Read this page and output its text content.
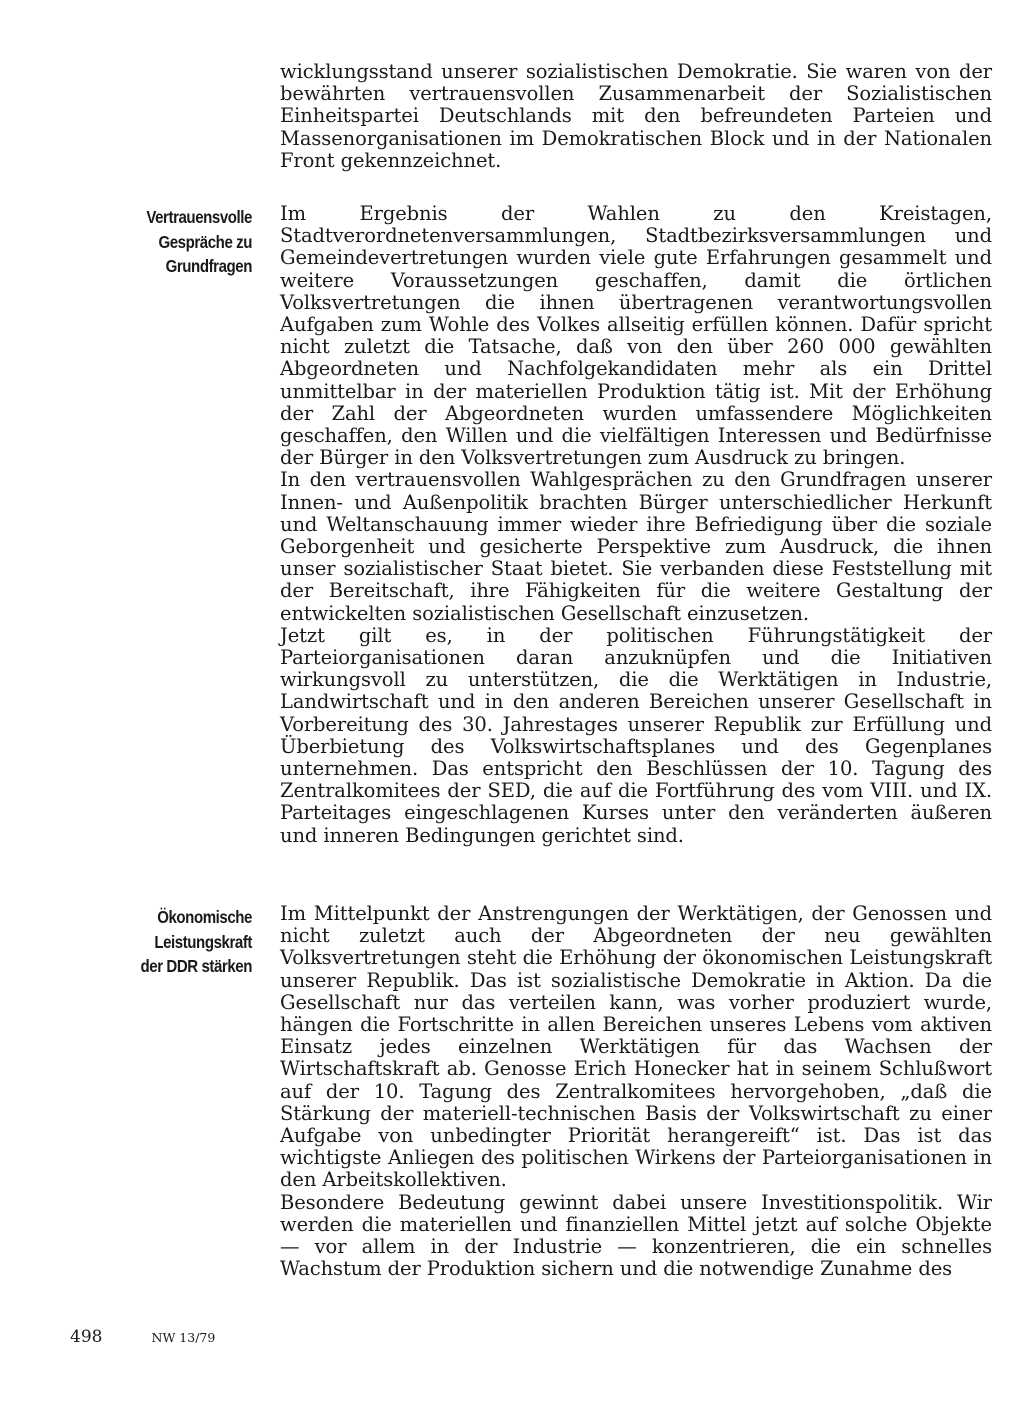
wicklungsstand unserer sozialistischen Demokratie. Sie waren von der bewährten vertrauensvollen Zusammenarbeit der Sozialistischen Einheitspartei Deutschlands mit den befreundeten Parteien und Massenorganisationen im Demokratischen Block und in der Nationalen Front gekennzeichnet.

Vertrauensvolle
Gespräche zu
Grundfragen

Im Ergebnis der Wahlen zu den Kreistagen, Stadtverordnetenversammlungen, Stadtbezirksversammlungen und Gemeindevertretungen wurden viele gute Erfahrungen gesammelt und weitere Voraussetzungen geschaffen, damit die örtlichen Volksvertretungen die ihnen übertragenen verantwortungsvollen Aufgaben zum Wohle des Volkes allseitig erfüllen können. Dafür spricht nicht zuletzt die Tatsache, daß von den über 260 000 gewählten Abgeordneten und Nachfolgekandidaten mehr als ein Drittel unmittelbar in der materiellen Produktion tätig ist. Mit der Erhöhung der Zahl der Abgeordneten wurden umfassendere Möglichkeiten geschaffen, den Willen und die vielfältigen Interessen und Bedürfnisse der Bürger in den Volksvertretungen zum Ausdruck zu bringen.

In den vertrauensvollen Wahlgesprächen zu den Grundfragen unserer Innen- und Außenpolitik brachten Bürger unterschiedlicher Herkunft und Weltanschauung immer wieder ihre Befriedigung über die soziale Geborgenheit und gesicherte Perspektive zum Ausdruck, die ihnen unser sozialistischer Staat bietet. Sie verbanden diese Feststellung mit der Bereitschaft, ihre Fähigkeiten für die weitere Gestaltung der entwickelten sozialistischen Gesellschaft einzusetzen.

Jetzt gilt es, in der politischen Führungstätigkeit der Parteiorganisationen daran anzuknüpfen und die Initiativen wirkungsvoll zu unterstützen, die die Werktätigen in Industrie, Landwirtschaft und in den anderen Bereichen unserer Gesellschaft in Vorbereitung des 30. Jahrestages unserer Republik zur Erfüllung und Überbietung des Volkswirtschaftsplanes und des Gegenplanes unternehmen. Das entspricht den Beschlüssen der 10. Tagung des Zentralkomitees der SED, die auf die Fortführung des vom VIII. und IX. Parteitages eingeschlagenen Kurses unter den veränderten äußeren und inneren Bedingungen gerichtet sind.

Ökonomische
Leistungskraft
der DDR stärken

Im Mittelpunkt der Anstrengungen der Werktätigen, der Genossen und nicht zuletzt auch der Abgeordneten der neu gewählten Volksvertretungen steht die Erhöhung der ökonomischen Leistungskraft unserer Republik. Das ist sozialistische Demokratie in Aktion. Da die Gesellschaft nur das verteilen kann, was vorher produziert wurde, hängen die Fortschritte in allen Bereichen unseres Lebens vom aktiven Einsatz jedes einzelnen Werktätigen für das Wachsen der Wirtschaftskraft ab. Genosse Erich Honecker hat in seinem Schlußwort auf der 10. Tagung des Zentralkomitees hervorgehoben, „daß die Stärkung der materiell-technischen Basis der Volkswirtschaft zu einer Aufgabe von unbedingter Priorität herangereift“ ist. Das ist das wichtigste Anliegen des politischen Wirkens der Parteiorganisationen in den Arbeitskollektiven.

Besondere Bedeutung gewinnt dabei unsere Investitionspolitik. Wir werden die materiellen und finanziellen Mittel jetzt auf solche Objekte — vor allem in der Industrie — konzentrieren, die ein schnelles Wachstum der Produktion sichern und die notwendige Zunahme des

498	NW 13/79
